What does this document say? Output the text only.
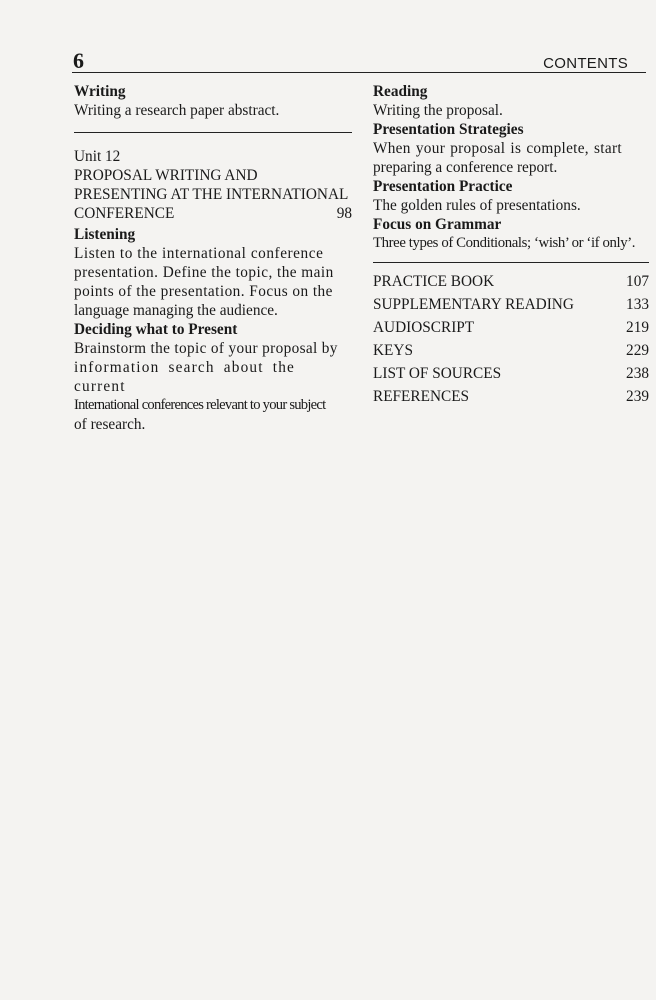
6	CONTENTS
Writing
Writing a research paper abstract.
Unit 12
PROPOSAL WRITING AND
PRESENTING AT THE INTERNATIONAL
CONFERENCE	98
Listening

Listen to the international conference

presentation. Define the topic, the main

points of the presentation. Focus on the

language managing the audience.

Deciding what to Present

Brainstorm the topic of your proposal by

information search about the current

International conferences relevant to your subject

of research.

Reading
Writing the proposal.
Presentation Strategies

When your proposal is complete, start

preparing a conference report.

Presentation Practice
The golden rules of presentations.
Focus on Grammar
Three types of Conditionals; ‘wish’ or ‘if only’.
PRACTICE BOOK	107
SUPPLEMENTARY READING	133
AUDIOSCRIPT	219
KEYS	229
LIST OF SOURCES	238
REFERENCES	239
